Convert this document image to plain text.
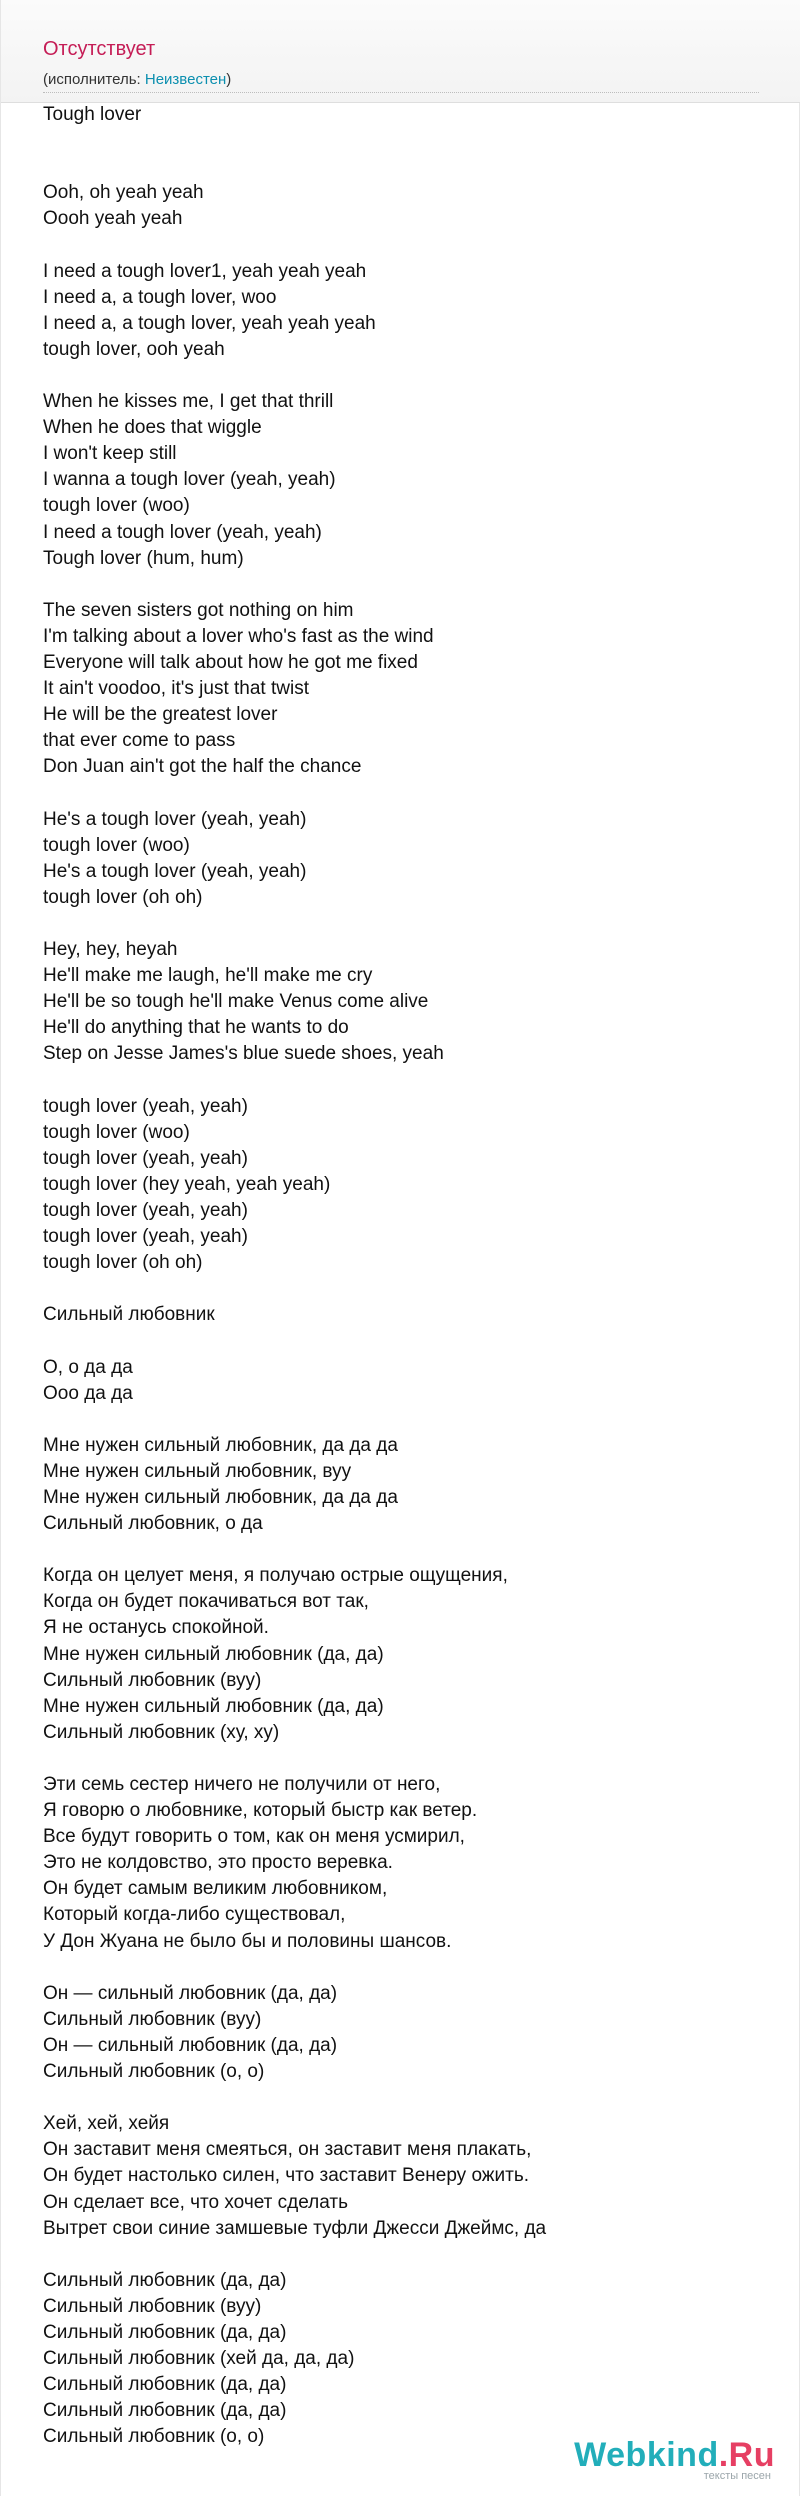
Отсутствует
(исполнитель: Неизвестен)
Tough lover
Ooh, oh yeah yeah
Oooh yeah yeah
I need a tough lover1, yeah yeah yeah
I need a, a tough lover, woo
I need a, a tough lover, yeah yeah yeah
tough lover, ooh yeah
When he kisses me, I get that thrill
When he does that wiggle
I won't keep still
I wanna a tough lover (yeah, yeah)
tough lover (woo)
I need a tough lover (yeah, yeah)
Tough lover (hum, hum)
The seven sisters got nothing on him
I'm talking about a lover who's fast as the wind
Everyone will talk about how he got me fixed
It ain't voodoo, it's just that twist
He will be the greatest lover
that ever come to pass
Don Juan ain't got the half the chance
He's a tough lover (yeah, yeah)
tough lover (woo)
He's a tough lover (yeah, yeah)
tough lover (oh oh)
Hey, hey, heyah
He'll make me laugh, he'll make me cry
He'll be so tough he'll make Venus come alive
He'll do anything that he wants to do
Step on Jesse James's blue suede shoes, yeah
tough lover (yeah, yeah)
tough lover (woo)
tough lover (yeah, yeah)
tough lover (hey yeah, yeah yeah)
tough lover (yeah, yeah)
tough lover (yeah, yeah)
tough lover (oh oh)
Сильный любовник
О, о да да
Ооо да да
Мне нужен сильный любовник, да да да
Мне нужен сильный любовник, вуу
Мне нужен сильный любовник, да да да
Сильный любовник, о да
Когда он целует меня, я получаю острые ощущения,
Когда он будет покачиваться вот так,
Я не останусь спокойной.
Мне нужен сильный любовник (да, да)
Сильный любовник (вуу)
Мне нужен сильный любовник (да, да)
Сильный любовник (ху, ху)
Эти семь сестер ничего не получили от него,
Я говорю о любовнике, который быстр как ветер.
Все будут говорить о том, как он меня усмирил,
Это не колдовство, это просто веревка.
Он будет самым великим любовником,
Который когда-либо существовал,
У Дон Жуана не было бы и половины шансов.
Он — сильный любовник (да, да)
Сильный любовник (вуу)
Он — сильный любовник (да, да)
Сильный любовник (о, о)
Хей, хей, хейя
Он заставит меня смеяться, он заставит меня плакать,
Он будет настолько силен, что заставит Венеру ожить.
Он сделает все, что хочет сделать
Вытрет свои синие замшевые туфли Джесси Джеймс, да
Сильный любовник (да, да)
Сильный любовник (вуу)
Сильный любовник (да, да)
Сильный любовник (хей да, да, да)
Сильный любовник (да, да)
Сильный любовник (да, да)
Сильный любовник (о, о)	Webkind.Ru
тексты песен
